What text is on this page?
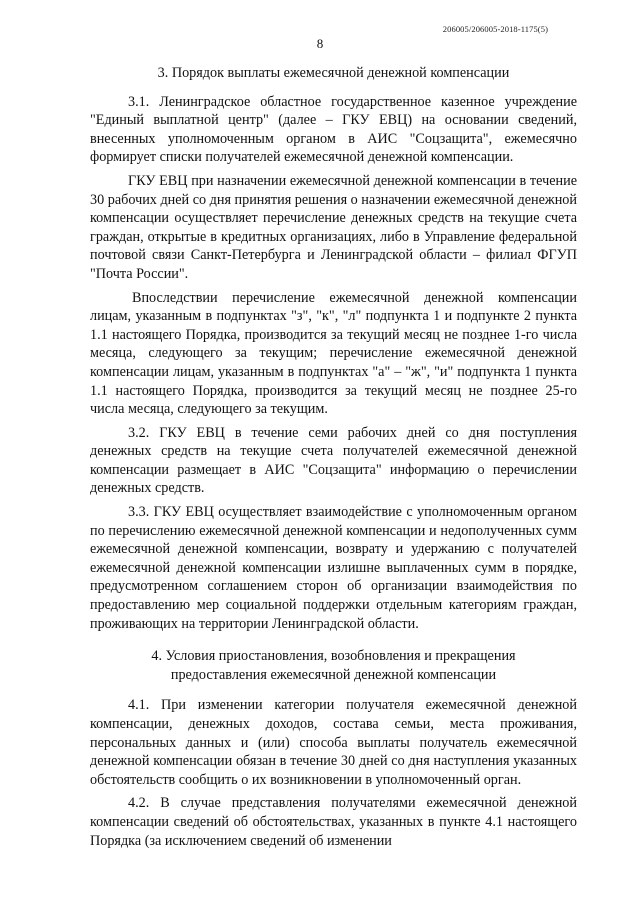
206005/206005-2018-1175(5)
8
3. Порядок выплаты ежемесячной денежной компенсации

3.1. Ленинградское областное государственное казенное учреждение "Единый выплатной центр" (далее – ГКУ ЕВЦ) на основании сведений, внесенных уполномоченным органом в АИС "Соцзащита", ежемесячно формирует списки получателей ежемесячной денежной компенсации.

ГКУ ЕВЦ при назначении ежемесячной денежной компенсации в течение 30 рабочих дней со дня принятия решения о назначении ежемесячной денежной компенсации осуществляет перечисление денежных средств на текущие счета граждан, открытые в кредитных организациях, либо в Управление федеральной почтовой связи Санкт-Петербурга и Ленинградской области – филиал ФГУП "Почта России".

Впоследствии перечисление ежемесячной денежной компенсации лицам, указанным в подпунктах "з", "к", "л" подпункта 1 и подпункте 2 пункта 1.1 настоящего Порядка, производится за текущий месяц не позднее 1-го числа месяца, следующего за текущим; перечисление ежемесячной денежной компенсации лицам, указанным в подпунктах "а" – "ж", "и" подпункта 1 пункта 1.1 настоящего Порядка, производится за текущий месяц не позднее 25-го числа месяца, следующего за текущим.

3.2. ГКУ ЕВЦ в течение семи рабочих дней со дня поступления денежных средств на текущие счета получателей ежемесячной денежной компенсации размещает в АИС "Соцзащита" информацию о перечислении денежных средств.

3.3. ГКУ ЕВЦ осуществляет взаимодействие с уполномоченным органом по перечислению ежемесячной денежной компенсации и недополученных сумм ежемесячной денежной компенсации, возврату и удержанию с получателей ежемесячной денежной компенсации излишне выплаченных сумм в порядке, предусмотренном соглашением сторон об организации взаимодействия по предоставлению мер социальной поддержки отдельным категориям граждан, проживающих на территории Ленинградской области.

4. Условия приостановления, возобновления и прекращения
предоставления ежемесячной денежной компенсации

4.1. При изменении категории получателя ежемесячной денежной компенсации, денежных доходов, состава семьи, места проживания, персональных данных и (или) способа выплаты получатель ежемесячной денежной компенсации обязан в течение 30 дней со дня наступления указанных обстоятельств сообщить о их возникновении в уполномоченный орган.

4.2. В случае представления получателями ежемесячной денежной компенсации сведений об обстоятельствах, указанных в пункте 4.1 настоящего Порядка (за исключением сведений об изменении
